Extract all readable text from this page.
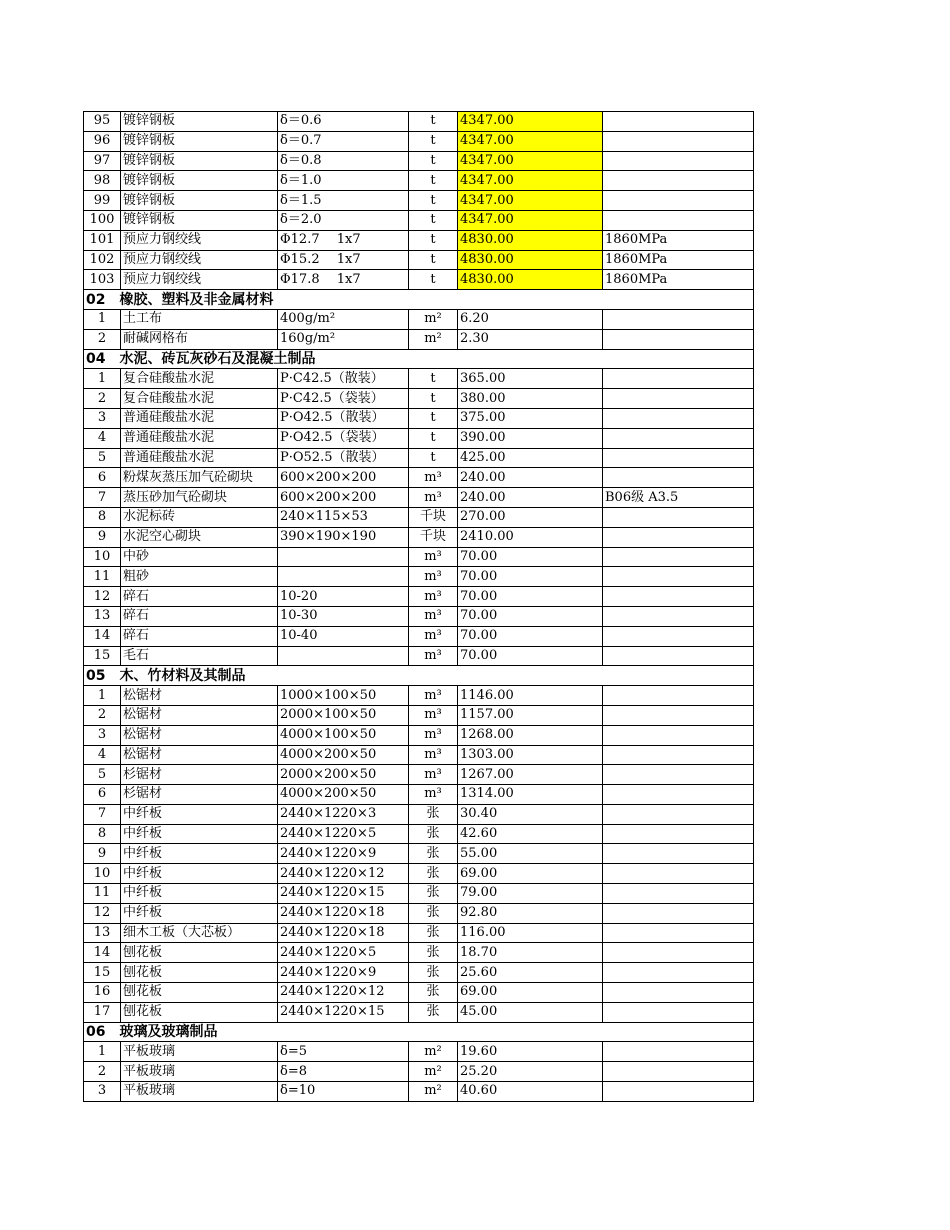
95	镀锌钢板	δ＝0.6	t	4347.00	
96	镀锌钢板	δ＝0.7	t	4347.00	
97	镀锌钢板	δ＝0.8	t	4347.00	
98	镀锌钢板	δ＝1.0	t	4347.00	
99	镀锌钢板	δ＝1.5	t	4347.00	
100	镀锌钢板	δ＝2.0	t	4347.00	
101	预应力钢绞线	Φ12.7　 1x7	t	4830.00	1860MPa
102	预应力钢绞线	Φ15.2　 1x7	t	4830.00	1860MPa
103	预应力钢绞线	Φ17.8　 1x7	t	4830.00	1860MPa
02　橡胶、塑料及非金属材料					
1	土工布	400g/m²	m²	6.20	
2	耐碱网格布	160g/m²	m²	2.30	
04　水泥、砖瓦灰砂石及混凝土制品					
1	复合硅酸盐水泥	P·C42.5（散装）	t	365.00	
2	复合硅酸盐水泥	P·C42.5（袋装）	t	380.00	
3	普通硅酸盐水泥	P·O42.5（散装）	t	375.00	
4	普通硅酸盐水泥	P·O42.5（袋装）	t	390.00	
5	普通硅酸盐水泥	P·O52.5（散装）	t	425.00	
6	粉煤灰蒸压加气砼砌块	600×200×200	m³	240.00	
7	蒸压砂加气砼砌块	600×200×200	m³	240.00	B06级 A3.5
8	水泥标砖	240×115×53	千块	270.00	
9	水泥空心砌块	390×190×190	千块	2410.00	
10	中砂		m³	70.00	
11	粗砂		m³	70.00	
12	碎石	10-20	m³	70.00	
13	碎石	10-30	m³	70.00	
14	碎石	10-40	m³	70.00	
15	毛石		m³	70.00	
05　木、竹材料及其制品					
1	松锯材	1000×100×50	m³	1146.00	
2	松锯材	2000×100×50	m³	1157.00	
3	松锯材	4000×100×50	m³	1268.00	
4	松锯材	4000×200×50	m³	1303.00	
5	杉锯材	2000×200×50	m³	1267.00	
6	杉锯材	4000×200×50	m³	1314.00	
7	中纤板	2440×1220×3	张	30.40	
8	中纤板	2440×1220×5	张	42.60	
9	中纤板	2440×1220×9	张	55.00	
10	中纤板	2440×1220×12	张	69.00	
11	中纤板	2440×1220×15	张	79.00	
12	中纤板	2440×1220×18	张	92.80	
13	细木工板（大芯板）	2440×1220×18	张	116.00	
14	刨花板	2440×1220×5	张	18.70	
15	刨花板	2440×1220×9	张	25.60	
16	刨花板	2440×1220×12	张	69.00	
17	刨花板	2440×1220×15	张	45.00	
06　玻璃及玻璃制品					
1	平板玻璃	δ=5	m²	19.60	
2	平板玻璃	δ=8	m²	25.20	
3	平板玻璃	δ=10	m²	40.60	
